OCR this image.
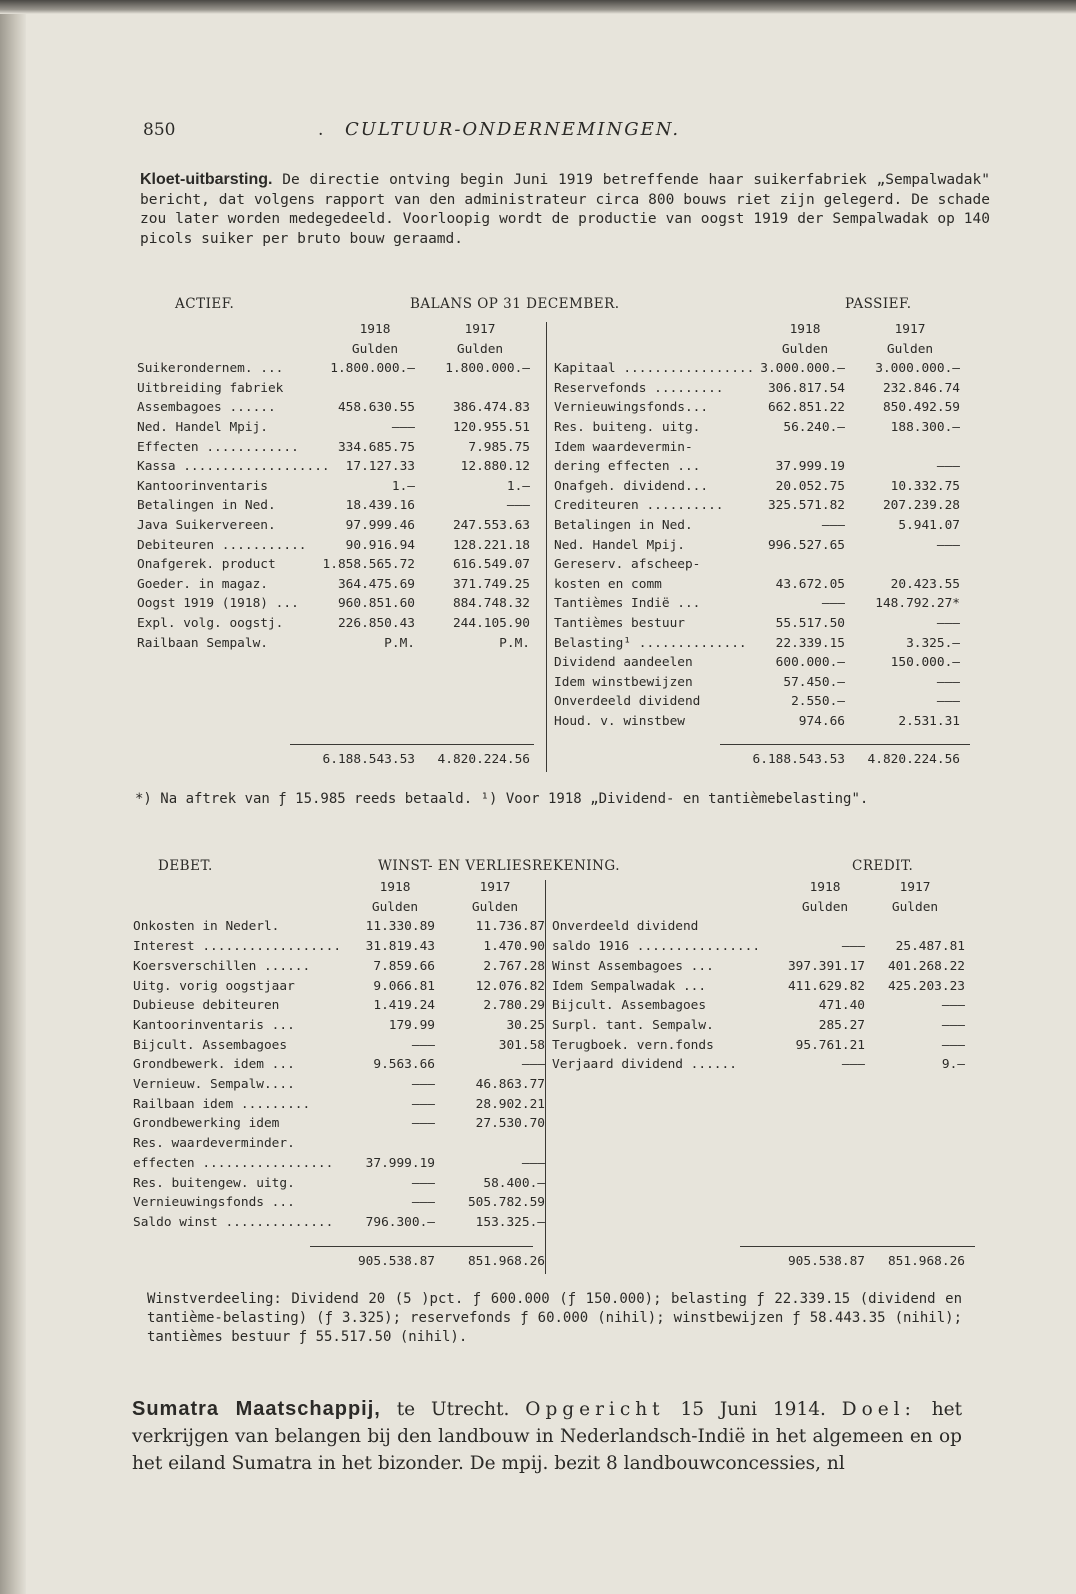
850	. CULTUUR-ONDERNEMINGEN.
Kloet-uitbarsting. De directie ontving begin Juni 1919 betreffende haar suikerfabriek „Sempalwadak" bericht, dat volgens rapport van den administrateur circa 800 bouws riet zijn gelegerd. De schade zou later worden medegedeeld. Voorloopig wordt de productie van oogst 1919 der Sempalwadak op 140 picols suiker per bruto bouw geraamd.
ACTIEF.	BALANS OP 31 DECEMBER.	PASSIEF.
1918	1917
Gulden	Gulden
1918	1917
Gulden	Gulden
Suikerondernem. ...	1.800.000.—	1.800.000.—
Uitbreiding fabriek
Assembagoes ......	458.630.55	386.474.83
Ned. Handel Mpij.	———	120.955.51
Effecten ............	334.685.75	7.985.75
Kassa ...................	17.127.33	12.880.12
Kantoorinventaris	1.—	1.—
Betalingen in Ned.	18.439.16	———
Java Suikervereen.	97.999.46	247.553.63
Debiteuren ...........	90.916.94	128.221.18
Onafgerek. product	1.858.565.72	616.549.07
Goeder. in magaz.	364.475.69	371.749.25
Oogst 1919 (1918) ...	960.851.60	884.748.32
Expl. volg. oogstj.	226.850.43	244.105.90
Railbaan Sempalw.	P.M.	P.M.
Kapitaal ................. 3.000.000.—	3.000.000.—
Reservefonds .........	306.817.54	232.846.74
Vernieuwingsfonds...	662.851.22	850.492.59
Res. buiteng. uitg.	56.240.—	188.300.—
Idem waardevermin-
dering effecten ...	37.999.19	———
Onafgeh. dividend...	20.052.75	10.332.75
Crediteuren ..........	325.571.82	207.239.28
Betalingen in Ned.	———	5.941.07
Ned. Handel Mpij.	996.527.65	———
Gereserv. afscheep-
kosten en comm	43.672.05	20.423.55
Tantièmes Indië ...	———	148.792.27*
Tantièmes bestuur	55.517.50	———
Belasting¹ ..............	22.339.15	3.325.—
Dividend aandeelen	600.000.—	150.000.—
Idem winstbewijzen	57.450.—	———
Onverdeeld dividend	2.550.—	———
Houd. v. winstbew	974.66	2.531.31
6.188.543.53	4.820.224.56	6.188.543.53	4.820.224.56
*) Na aftrek van ƒ 15.985 reeds betaald. ¹) Voor 1918 „Dividend- en tantièmebelasting".
DEBET.	WINST- EN VERLIESREKENING.	CREDIT.
1918	1917
Gulden	Gulden
1918	1917
Gulden	Gulden
Onkosten in Nederl.	11.330.89	11.736.87
Interest ..................	31.819.43	1.470.90
Koersverschillen ......	7.859.66	2.767.28
Uitg. vorig oogstjaar	9.066.81	12.076.82
Dubieuse debiteuren	1.419.24	2.780.29
Kantoorinventaris ...	179.99	30.25
Bijcult. Assembagoes	———	301.58
Grondbewerk. idem ...	9.563.66	———
Vernieuw. Sempalw....	———	46.863.77
Railbaan idem .........	———	28.902.21
Grondbewerking idem	———	27.530.70
Res. waardeverminder.
effecten .................	37.999.19	———
Res. buitengew. uitg.	———	58.400.—
Vernieuwingsfonds ...	———	505.782.59
Saldo winst ..............	796.300.—	153.325.—
Onverdeeld dividend
saldo 1916 ................	———	25.487.81
Winst Assembagoes ...	397.391.17	401.268.22
Idem Sempalwadak ...	411.629.82	425.203.23
Bijcult. Assembagoes	471.40	———
Surpl. tant. Sempalw.	285.27	———
Terugboek. vern.fonds	95.761.21	———
Verjaard dividend ......	———	9.—
905.538.87	851.968.26	905.538.87	851.968.26
Winstverdeeling: Dividend 20 (5 )pct. ƒ 600.000 (ƒ 150.000); belasting ƒ 22.339.15 (dividend en tantième-belasting) (ƒ 3.325); reservefonds ƒ 60.000 (nihil); winstbewijzen ƒ 58.443.35 (nihil); tantièmes bestuur ƒ 55.517.50 (nihil).
Sumatra Maatschappij, te Utrecht. Opgericht 15 Juni 1914. Doel: het verkrijgen van belangen bij den landbouw in Nederlandsch-Indië in het algemeen en op het eiland Sumatra in het bizonder. De mpij. bezit 8 landbouwconcessies, nl
